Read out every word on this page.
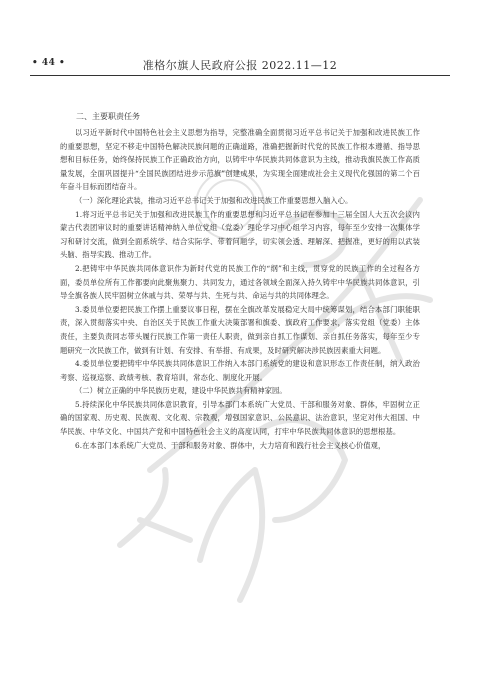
• 44 •	准格尔旗人民政府公报 2022.11—12

二、主要职责任务

以习近平新时代中国特色社会主义思想为指导，完整准确全面贯彻习近平总书记关于加强和改进民族工作的重要思想，坚定不移走中国特色解决民族问题的正确道路，准确把握新时代党的民族工作根本遵循、指导思想和目标任务，始终保持民族工作正确政治方向，以铸牢中华民族共同体意识为主线，推动我旗民族工作高质量发展，全面巩固提升“全国民族团结进步示范旗”创建成果，为实现全面建成社会主义现代化强国的第二个百年奋斗目标而团结奋斗。

（一）深化理论武装，推动习近平总书记关于加强和改进民族工作重要思想入脑入心。

1.将习近平总书记关于加强和改进民族工作的重要思想和习近平总书记在参加十三届全国人大五次会议内蒙古代表团审议时的重要讲话精神纳入单位党组（党委）理论学习中心组学习内容，每年至少安排一次集体学习和研讨交流，做到全面系统学、结合实际学、带着问题学，切实领会透、理解深、把握准，更好的用以武装头脑、指导实践、推动工作。

2.把铸牢中华民族共同体意识作为新时代党的民族工作的“纲”和主线，贯穿党的民族工作的全过程各方面，委员单位所有工作都要向此聚焦聚力、共同发力，通过各领域全面深入持久铸牢中华民族共同体意识，引导全旗各族人民牢固树立休戚与共、荣辱与共、生死与共、命运与共的共同体理念。

3.委员单位要把民族工作摆上重要议事日程，摆在全旗改革发展稳定大局中统筹谋划，结合本部门职能职责，深入贯彻落实中央、自治区关于民族工作重大决策部署和旗委、旗政府工作要求，落实党组（党委）主体责任，主要负责同志带头履行民族工作第一责任人职责，做到亲自抓工作谋划、亲自抓任务落实，每年至少专题研究一次民族工作，做到有计划、有安排、有举措、有成果，及时研究解决涉民族因素重大问题。

4.委员单位要把铸牢中华民族共同体意识工作纳入本部门系统党的建设和意识形态工作责任制，纳入政治考察、巡视巡察、政绩考核、教育培训，常态化、制度化开展。

（二）树立正确的中华民族历史观，建设中华民族共有精神家园。

5.持续深化中华民族共同体意识教育，引导本部门本系统广大党员、干部和服务对象、群体，牢固树立正确的国家观、历史观、民族观、文化观、宗教观，增强国家意识、公民意识、法治意识，坚定对伟大祖国、中华民族、中华文化、中国共产党和中国特色社会主义的高度认同，打牢中华民族共同体意识的思想根基。

6.在本部门本系统广大党员、干部和服务对象、群体中，大力培育和践行社会主义核心价值观，
